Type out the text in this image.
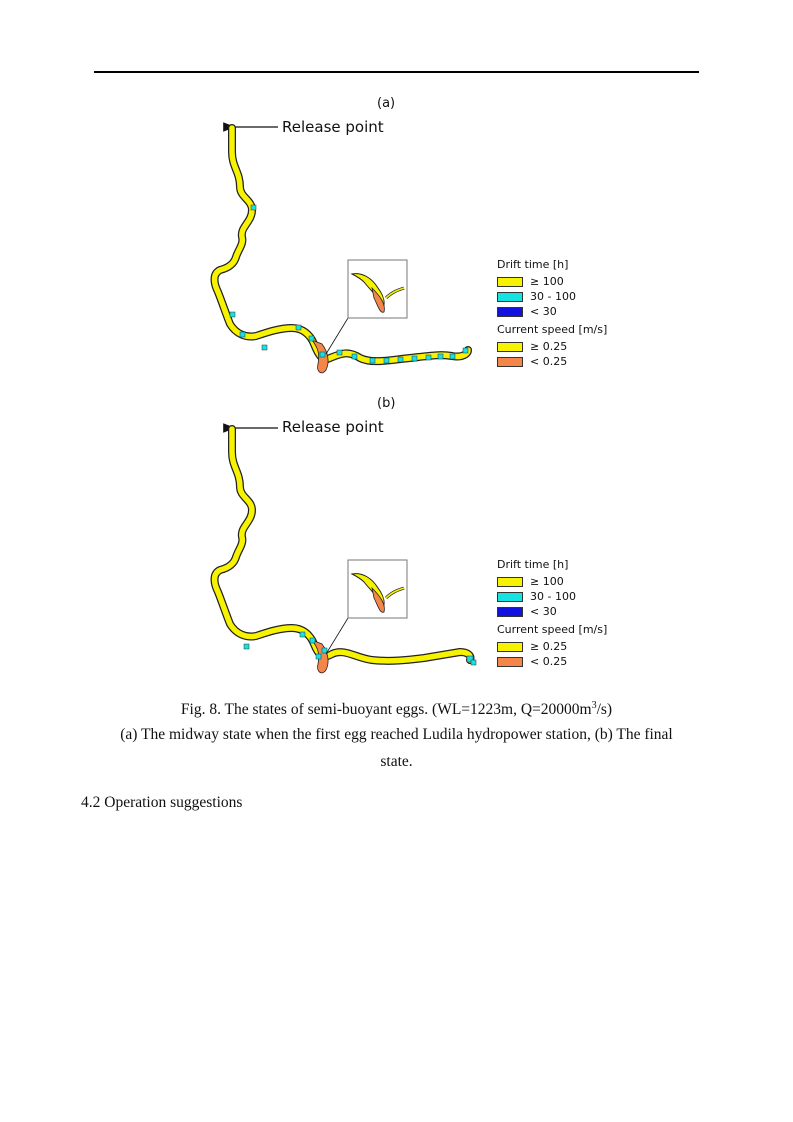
(a)
Release point
Drift time [h]
≥ 100
30 - 100
< 30
Current speed [m/s]
≥ 0.25
< 0.25
(b)
Release point
Drift time [h]
≥ 100
30 - 100
< 30
Current speed [m/s]
≥ 0.25
< 0.25
Fig. 8. The states of semi-buoyant eggs. (WL=1223m, $Q=20000m^3/s$)
(a) The midway state when the first egg reached Ludila hydropower station, (b) The final
state.
4.2 Operation suggestions
